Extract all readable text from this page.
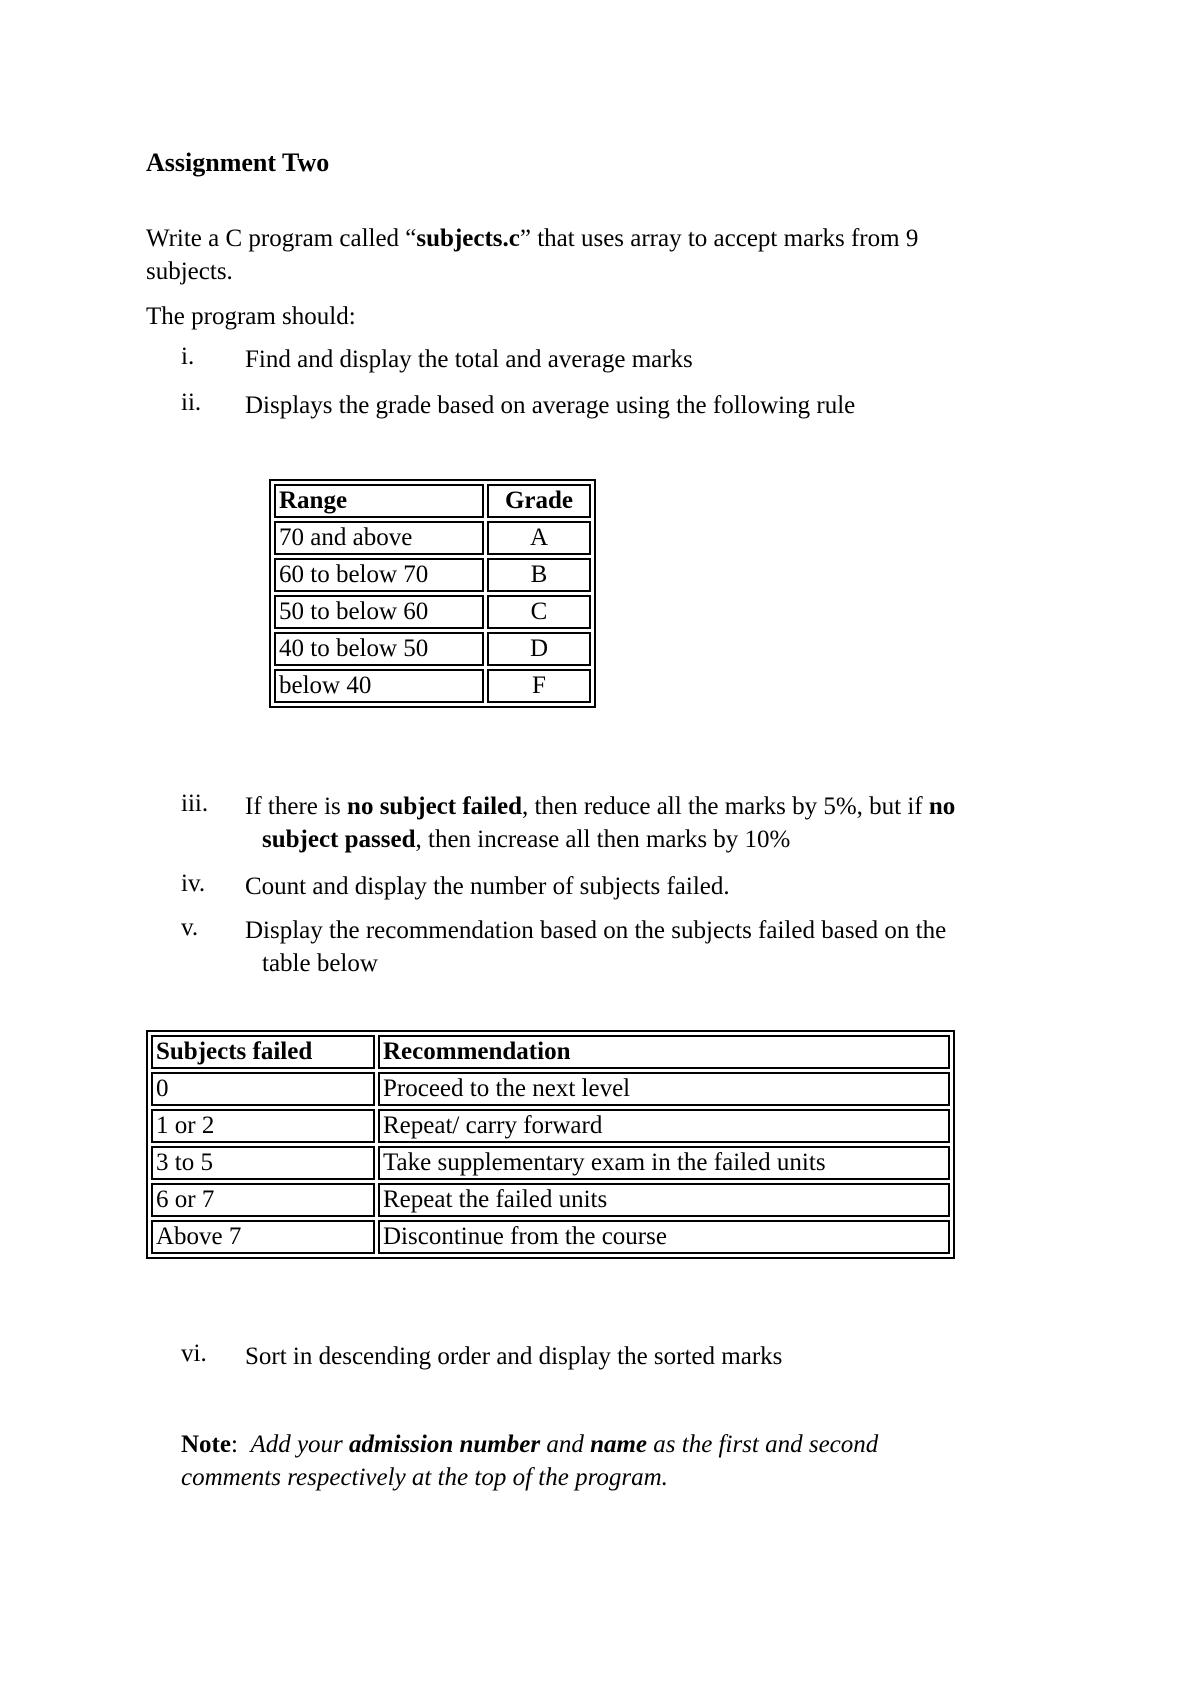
Assignment Two
Write a C program called “subjects.c” that uses array to accept marks from 9
subjects.
The program should:
i. Find and display the total and average marks
ii. Displays the grade based on average using the following rule
Range	Grade
70 and above	A
60 to below 70	B
50 to below 60	C
40 to below 50	D
below 40	F
iii. If there is no subject failed, then reduce all the marks by 5%, but if no
subject passed, then increase all then marks by 10%
iv. Count and display the number of subjects failed.
v. Display the recommendation based on the subjects failed based on the
table below
Subjects failed	Recommendation
0	Proceed to the next level
1 or 2	Repeat/ carry forward
3 to 5	Take supplementary exam in the failed units
6 or 7	Repeat the failed units
Above 7	Discontinue from the course
vi. Sort in descending order and display the sorted marks
Note: Add your admission number and name as the first and second
comments respectively at the top of the program.
